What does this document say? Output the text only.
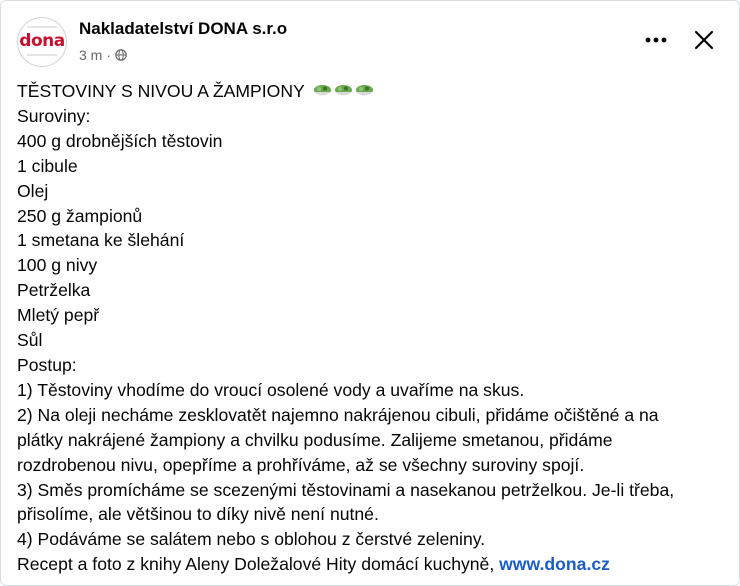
dona
Nakladatelství DONA s.r.o
3 m ·
TĚSTOVINY S NIVOU A ŽAMPIONY
Suroviny:
400 g drobnějších těstovin
1 cibule
Olej
250 g žampionů
1 smetana ke šlehání
100 g nivy
Petrželka
Mletý pepř
Sůl
Postup:
1) Těstoviny vhodíme do vroucí osolené vody a uvaříme na skus.
2) Na oleji necháme zesklovatět najemno nakrájenou cibuli, přidáme očištěné a na
plátky nakrájené žampiony a chvilku podusíme. Zalijeme smetanou, přidáme
rozdrobenou nivu, opepříme a prohříváme, až se všechny suroviny spojí.
3) Směs promícháme se scezenými těstovinami a nasekanou petrželkou. Je-li třeba,
přisolíme, ale většinou to díky nivě není nutné.
4) Podáváme se salátem nebo s oblohou z čerstvé zeleniny.
Recept a foto z knihy Aleny Doležalové Hity domácí kuchyně, www.dona.cz
